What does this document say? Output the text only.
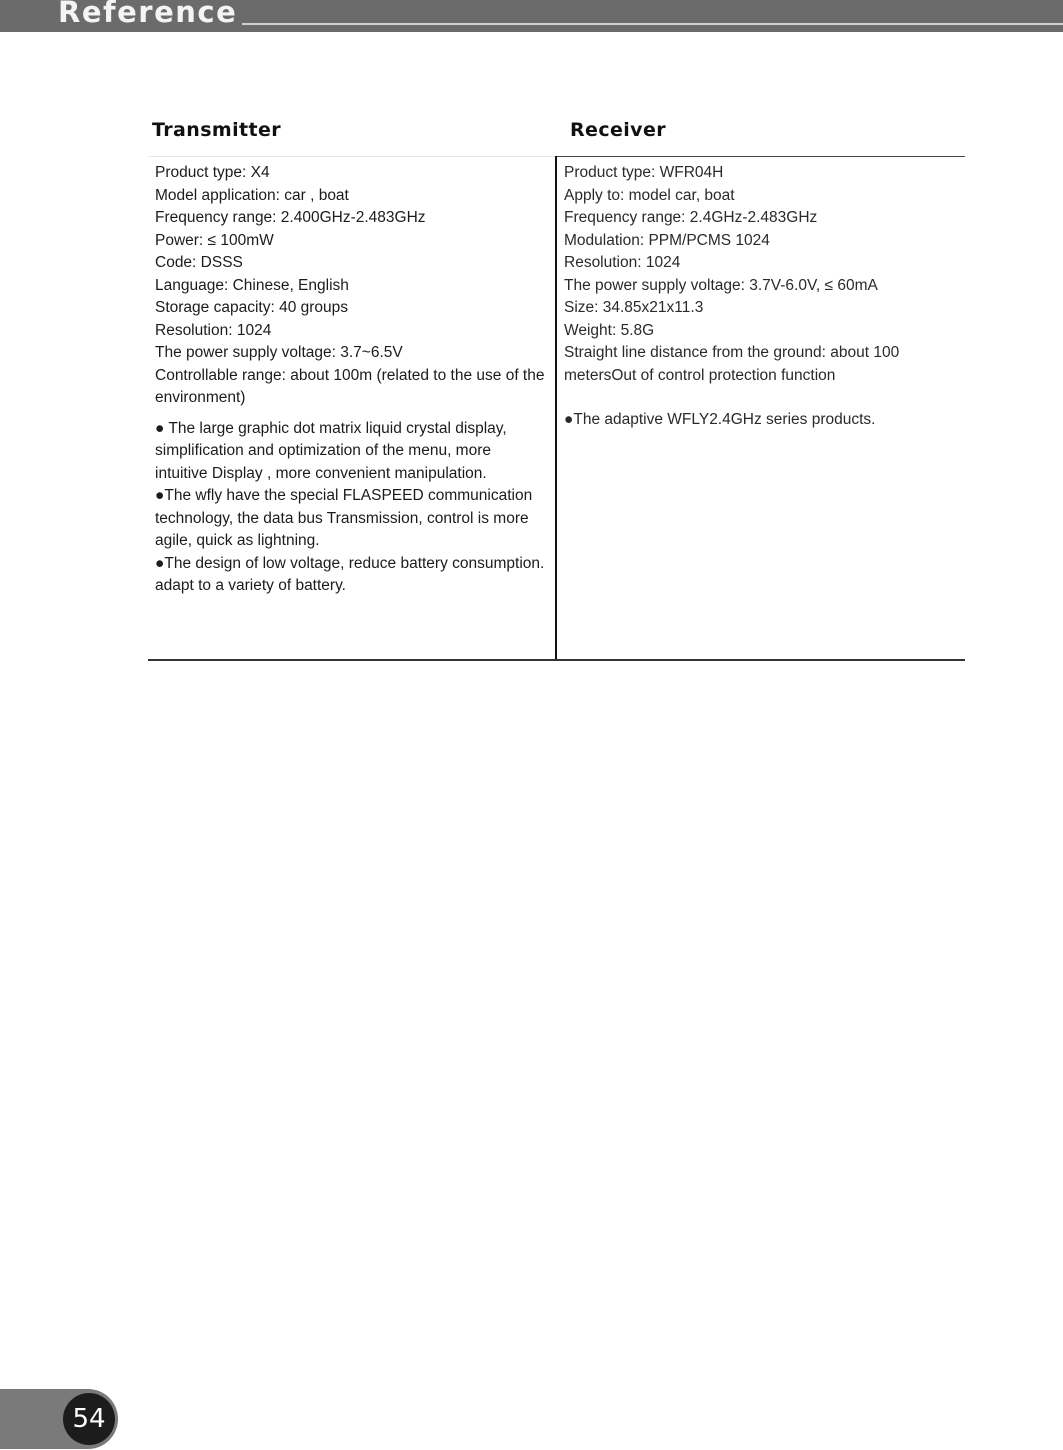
Reference
Transmitter	Receiver

Product type: X4

Model application: car , boat

Frequency range: 2.400GHz-2.483GHz

Power: ≤ 100mW

Code: DSSS

Language: Chinese, English

Storage capacity: 40 groups

Resolution: 1024

The power supply voltage: 3.7~6.5V

Controllable range: about 100m (related to the use of the environment)

● The large graphic dot matrix liquid crystal display, simplification and optimization of the menu, more intuitive Display , more convenient manipulation.

●The wfly have the special FLASPEED communication technology, the data bus Transmission, control is more agile, quick as lightning.

●The design of low voltage, reduce battery consumption. adapt to a variety of battery.

Product type: WFR04H

Apply to: model car, boat

Frequency range: 2.4GHz-2.483GHz

Modulation: PPM/PCMS 1024

Resolution: 1024

The power supply voltage: 3.7V-6.0V, ≤ 60mA

Size: 34.85x21x11.3

Weight: 5.8G

Straight line distance from the ground: about 100 metersOut of control protection function

●The adaptive WFLY2.4GHz series products.

54
